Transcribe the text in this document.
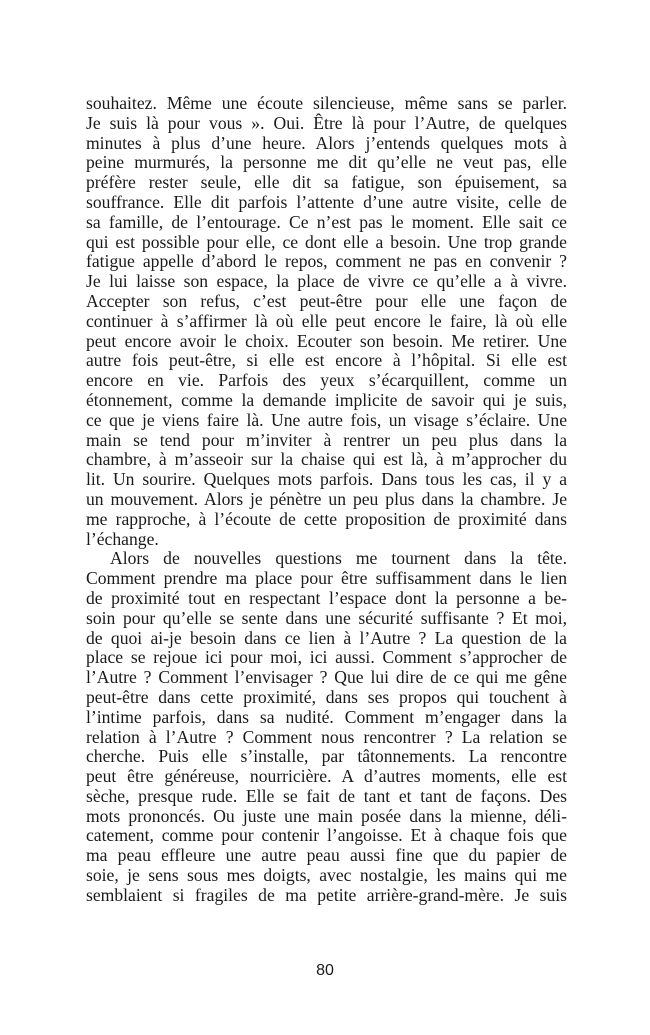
souhaitez. Même une écoute silencieuse, même sans se parler.
Je suis là pour vous ». Oui. Être là pour l’Autre, de quelques
minutes à plus d’une heure. Alors j’entends quelques mots à
peine murmurés, la personne me dit qu’elle ne veut pas, elle
préfère rester seule, elle dit sa fatigue, son épuisement, sa
souffrance. Elle dit parfois l’attente d’une autre visite, celle de
sa famille, de l’entourage. Ce n’est pas le moment. Elle sait ce
qui est possible pour elle, ce dont elle a besoin. Une trop grande
fatigue appelle d’abord le repos, comment ne pas en convenir ?
Je lui laisse son espace, la place de vivre ce qu’elle a à vivre.
Accepter son refus, c’est peut-être pour elle une façon de
continuer à s’affirmer là où elle peut encore le faire, là où elle
peut encore avoir le choix. Ecouter son besoin. Me retirer. Une
autre fois peut-être, si elle est encore à l’hôpital. Si elle est
encore en vie. Parfois des yeux s’écarquillent, comme un
étonnement, comme la demande implicite de savoir qui je suis,
ce que je viens faire là. Une autre fois, un visage s’éclaire. Une
main se tend pour m’inviter à rentrer un peu plus dans la
chambre, à m’asseoir sur la chaise qui est là, à m’approcher du
lit. Un sourire. Quelques mots parfois. Dans tous les cas, il y a
un mouvement. Alors je pénètre un peu plus dans la chambre. Je
me rapproche, à l’écoute de cette proposition de proximité dans
l’échange.
Alors de nouvelles questions me tournent dans la tête.
Comment prendre ma place pour être suffisamment dans le lien
de proximité tout en respectant l’espace dont la personne a be-
soin pour qu’elle se sente dans une sécurité suffisante ? Et moi,
de quoi ai-je besoin dans ce lien à l’Autre ? La question de la
place se rejoue ici pour moi, ici aussi. Comment s’approcher de
l’Autre ? Comment l’envisager ? Que lui dire de ce qui me gêne
peut-être dans cette proximité, dans ses propos qui touchent à
l’intime parfois, dans sa nudité. Comment m’engager dans la
relation à l’Autre ? Comment nous rencontrer ? La relation se
cherche. Puis elle s’installe, par tâtonnements. La rencontre
peut être généreuse, nourricière. A d’autres moments, elle est
sèche, presque rude. Elle se fait de tant et tant de façons. Des
mots prononcés. Ou juste une main posée dans la mienne, déli-
catement, comme pour contenir l’angoisse. Et à chaque fois que
ma peau effleure une autre peau aussi fine que du papier de
soie, je sens sous mes doigts, avec nostalgie, les mains qui me
semblaient si fragiles de ma petite arrière-grand-mère. Je suis
80
